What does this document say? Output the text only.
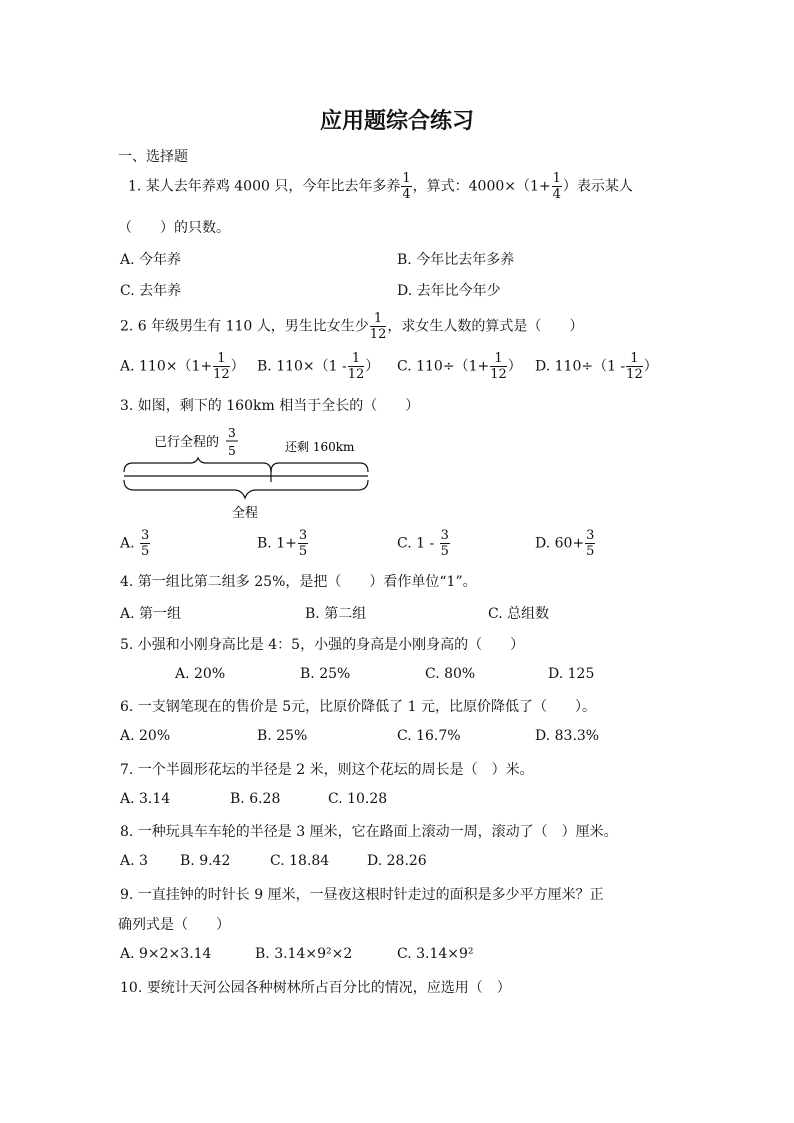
应用题综合练习
一、选择题
1. 某人去年养鸡 4000 只，今年比去年多养 $\frac{1}{4}$ ，算式：$4000\times(1+ \frac{1}{4}$ ）表示某人
（　　）的只数。
A. 今年养	B. 今年比去年多养
C. 去年养	D. 去年比今年少
2. 6 年级男生有 110 人，男生比女生少 $\frac{1}{12}$ ，求女生人数的算式是（　　）
A. $110\times(1+ \frac{1}{12}$ ） B. $110\times(1 - \frac{1}{12}$ ） C. $110\div(1+ \frac{1}{12}$ ） D. $110\div(1 - \frac{1}{12}$ ）
3. 如图，剩下的 160km 相当于全长的（　　）
已行全程的
3
5	还剩 160km
全程
A. $\frac{3}{5}$	B. $1+ \frac{3}{5}$	C. $1 - \frac{3}{5}$	D. $60+ \frac{3}{5}$
4. 第一组比第二组多 25%，是把（　　）看作单位“1”。
A. 第一组	B. 第二组	C. 总组数
5. 小强和小刚身高比是 4：5，小强的身高是小刚身高的（　　）
A. 20%	B. 25%	C. 80%	D. 125
6. 一支钢笔现在的售价是 5元，比原价降低了 1 元，比原价降低了（　　）。
A. 20%	B. 25%	C. 16.7%	D. 83.3%
7. 一个半圆形花坛的半径是 2 米，则这个花坛的周长是（　）米。
A. 3.14	B. 6.28	C. 10.28
8. 一种玩具车车轮的半径是 3 厘米，它在路面上滚动一周，滚动了（　）厘米。
A. 3 B. 9.42	C. 18.84	D. 28.26
9. 一直挂钟的时针长 9 厘米，一昼夜这根时针走过的面积是多少平方厘米？正
确列式是（　　）
A. 9×2×3.14	B. 3.14×9²×2	C. 3.14×9²
10. 要统计天河公园各种树林所占百分比的情况，应选用（　）
